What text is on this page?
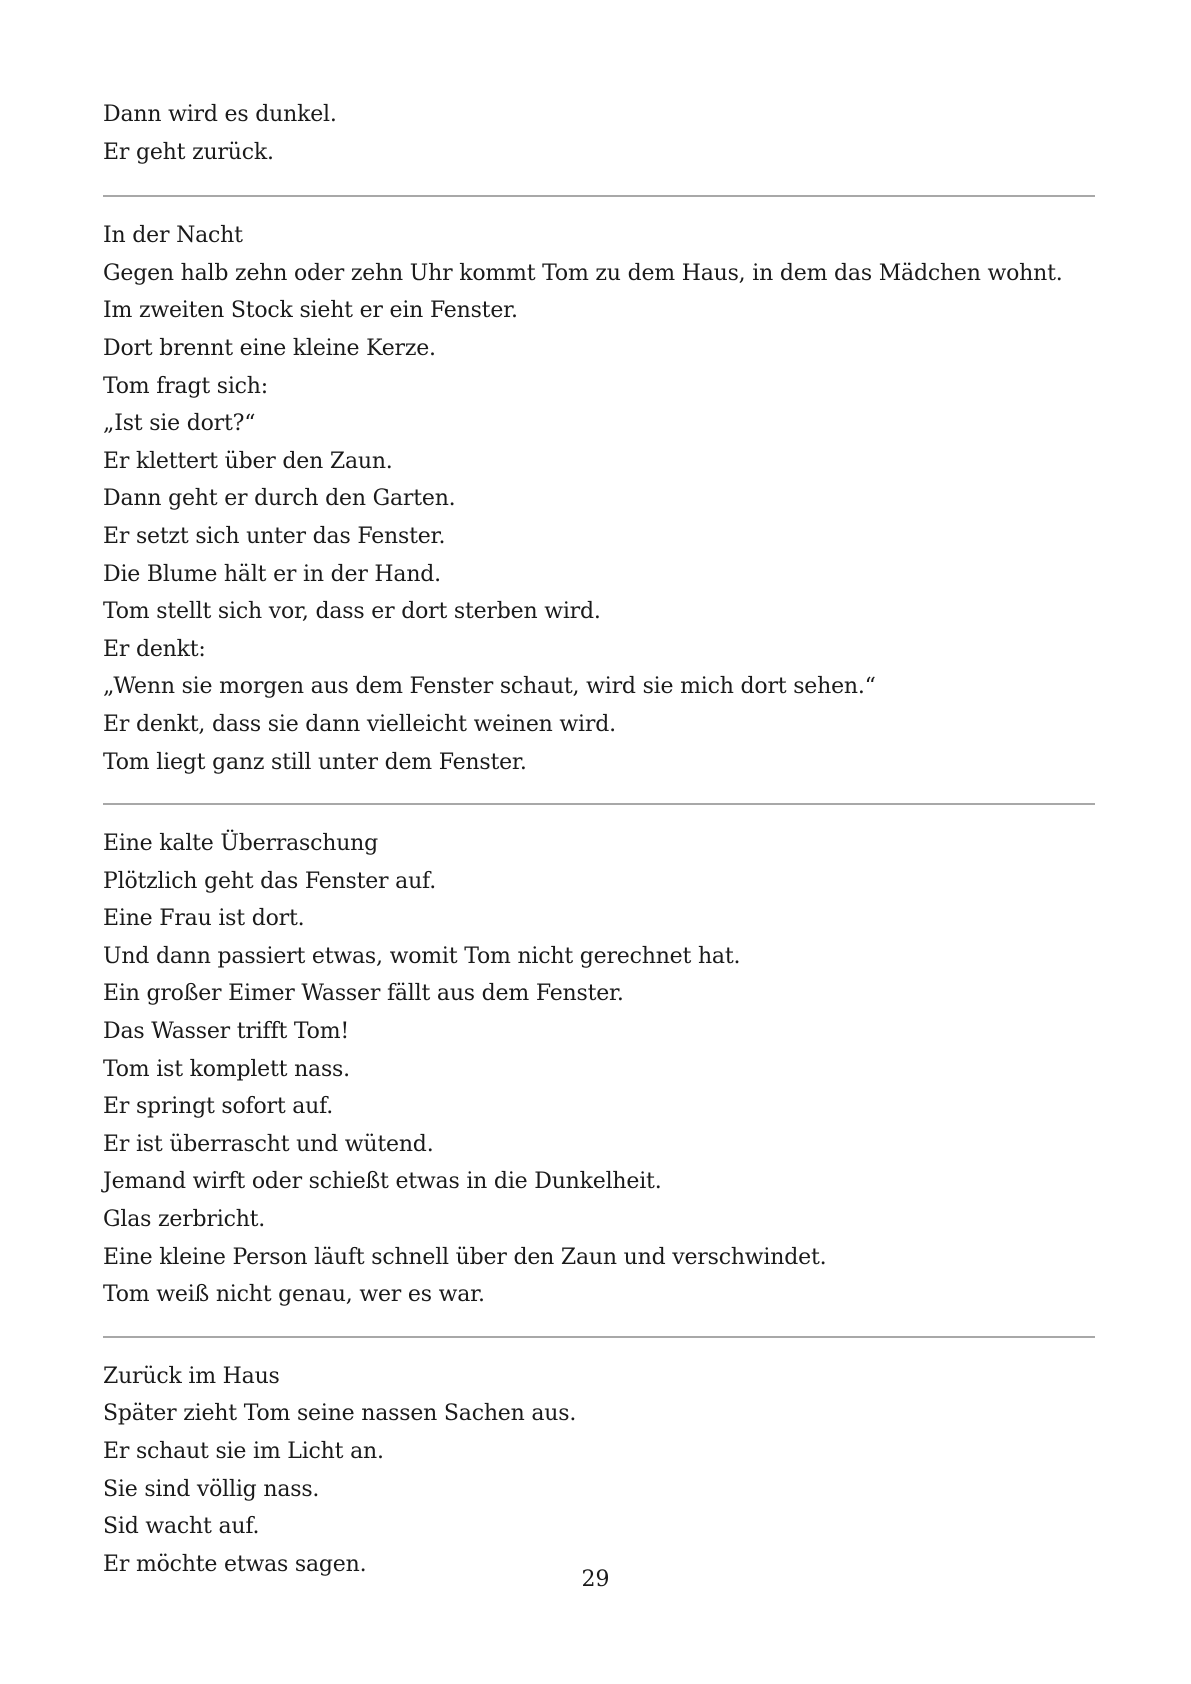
Dann wird es dunkel.
Er geht zurück.
In der Nacht
Gegen halb zehn oder zehn Uhr kommt Tom zu dem Haus, in dem das Mädchen wohnt.
Im zweiten Stock sieht er ein Fenster.
Dort brennt eine kleine Kerze.
Tom fragt sich:
„Ist sie dort?“
Er klettert über den Zaun.
Dann geht er durch den Garten.
Er setzt sich unter das Fenster.
Die Blume hält er in der Hand.
Tom stellt sich vor, dass er dort sterben wird.
Er denkt:
„Wenn sie morgen aus dem Fenster schaut, wird sie mich dort sehen.“
Er denkt, dass sie dann vielleicht weinen wird.
Tom liegt ganz still unter dem Fenster.
Eine kalte Überraschung
Plötzlich geht das Fenster auf.
Eine Frau ist dort.
Und dann passiert etwas, womit Tom nicht gerechnet hat.
Ein großer Eimer Wasser fällt aus dem Fenster.
Das Wasser trifft Tom!
Tom ist komplett nass.
Er springt sofort auf.
Er ist überrascht und wütend.
Jemand wirft oder schießt etwas in die Dunkelheit.
Glas zerbricht.
Eine kleine Person läuft schnell über den Zaun und verschwindet.
Tom weiß nicht genau, wer es war.
Zurück im Haus
Später zieht Tom seine nassen Sachen aus.
Er schaut sie im Licht an.
Sie sind völlig nass.
Sid wacht auf.
Er möchte etwas sagen.
29
